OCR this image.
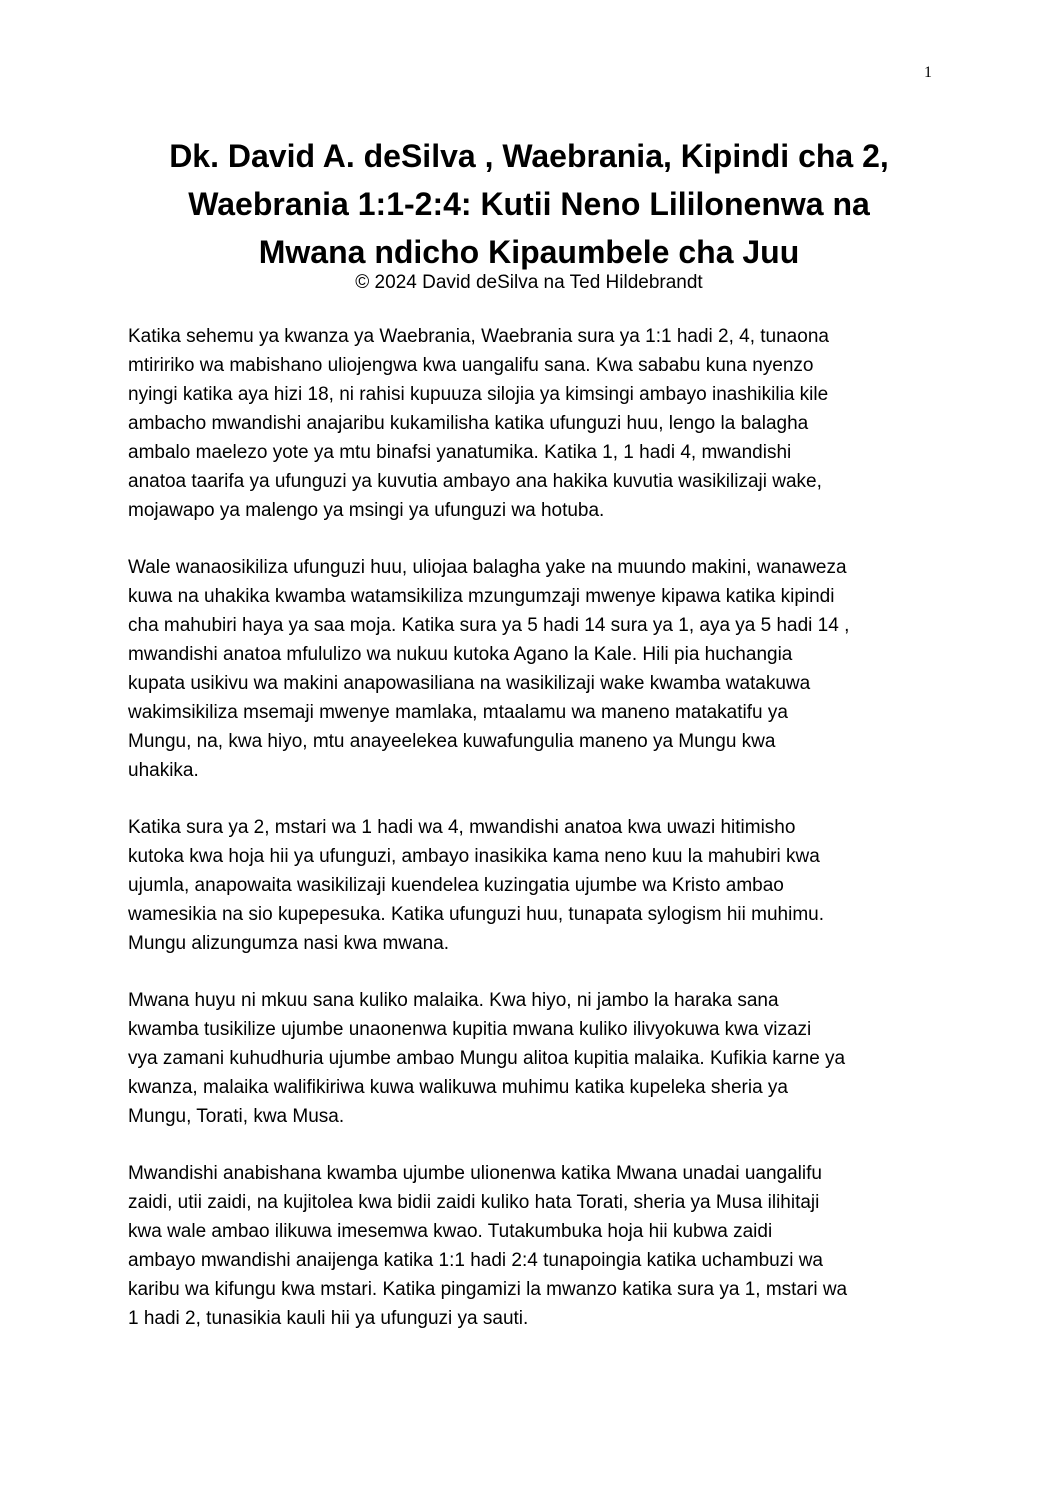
1
Dk. David A. deSilva , Waebrania, Kipindi cha 2,
Waebrania 1:1-2:4: Kutii Neno Lililonenwa na
Mwana ndicho Kipaumbele cha Juu
© 2024 David deSilva na Ted Hildebrandt

Katika sehemu ya kwanza ya Waebrania, Waebrania sura ya 1:1 hadi 2, 4, tunaona
mtiririko wa mabishano uliojengwa kwa uangalifu sana. Kwa sababu kuna nyenzo
nyingi katika aya hizi 18, ni rahisi kupuuza silojia ya kimsingi ambayo inashikilia kile
ambacho mwandishi anajaribu kukamilisha katika ufunguzi huu, lengo la balagha
ambalo maelezo yote ya mtu binafsi yanatumika. Katika 1, 1 hadi 4, mwandishi
anatoa taarifa ya ufunguzi ya kuvutia ambayo ana hakika kuvutia wasikilizaji wake,
mojawapo ya malengo ya msingi ya ufunguzi wa hotuba.

Wale wanaosikiliza ufunguzi huu, uliojaa balagha yake na muundo makini, wanaweza
kuwa na uhakika kwamba watamsikiliza mzungumzaji mwenye kipawa katika kipindi
cha mahubiri haya ya saa moja. Katika sura ya 5 hadi 14 sura ya 1, aya ya 5 hadi 14 ,
mwandishi anatoa mfululizo wa nukuu kutoka Agano la Kale. Hili pia huchangia
kupata usikivu wa makini anapowasiliana na wasikilizaji wake kwamba watakuwa
wakimsikiliza msemaji mwenye mamlaka, mtaalamu wa maneno matakatifu ya
Mungu, na, kwa hiyo, mtu anayeelekea kuwafungulia maneno ya Mungu kwa
uhakika.

Katika sura ya 2, mstari wa 1 hadi wa 4, mwandishi anatoa kwa uwazi hitimisho
kutoka kwa hoja hii ya ufunguzi, ambayo inasikika kama neno kuu la mahubiri kwa
ujumla, anapowaita wasikilizaji kuendelea kuzingatia ujumbe wa Kristo ambao
wamesikia na sio kupepesuka. Katika ufunguzi huu, tunapata sylogism hii muhimu.
Mungu alizungumza nasi kwa mwana.

Mwana huyu ni mkuu sana kuliko malaika. Kwa hiyo, ni jambo la haraka sana
kwamba tusikilize ujumbe unaonenwa kupitia mwana kuliko ilivyokuwa kwa vizazi
vya zamani kuhudhuria ujumbe ambao Mungu alitoa kupitia malaika. Kufikia karne ya
kwanza, malaika walifikiriwa kuwa walikuwa muhimu katika kupeleka sheria ya
Mungu, Torati, kwa Musa.

Mwandishi anabishana kwamba ujumbe ulionenwa katika Mwana unadai uangalifu
zaidi, utii zaidi, na kujitolea kwa bidii zaidi kuliko hata Torati, sheria ya Musa ilihitaji
kwa wale ambao ilikuwa imesemwa kwao. Tutakumbuka hoja hii kubwa zaidi
ambayo mwandishi anaijenga katika 1:1 hadi 2:4 tunapoingia katika uchambuzi wa
karibu wa kifungu kwa mstari. Katika pingamizi la mwanzo katika sura ya 1, mstari wa
1 hadi 2, tunasikia kauli hii ya ufunguzi ya sauti.
